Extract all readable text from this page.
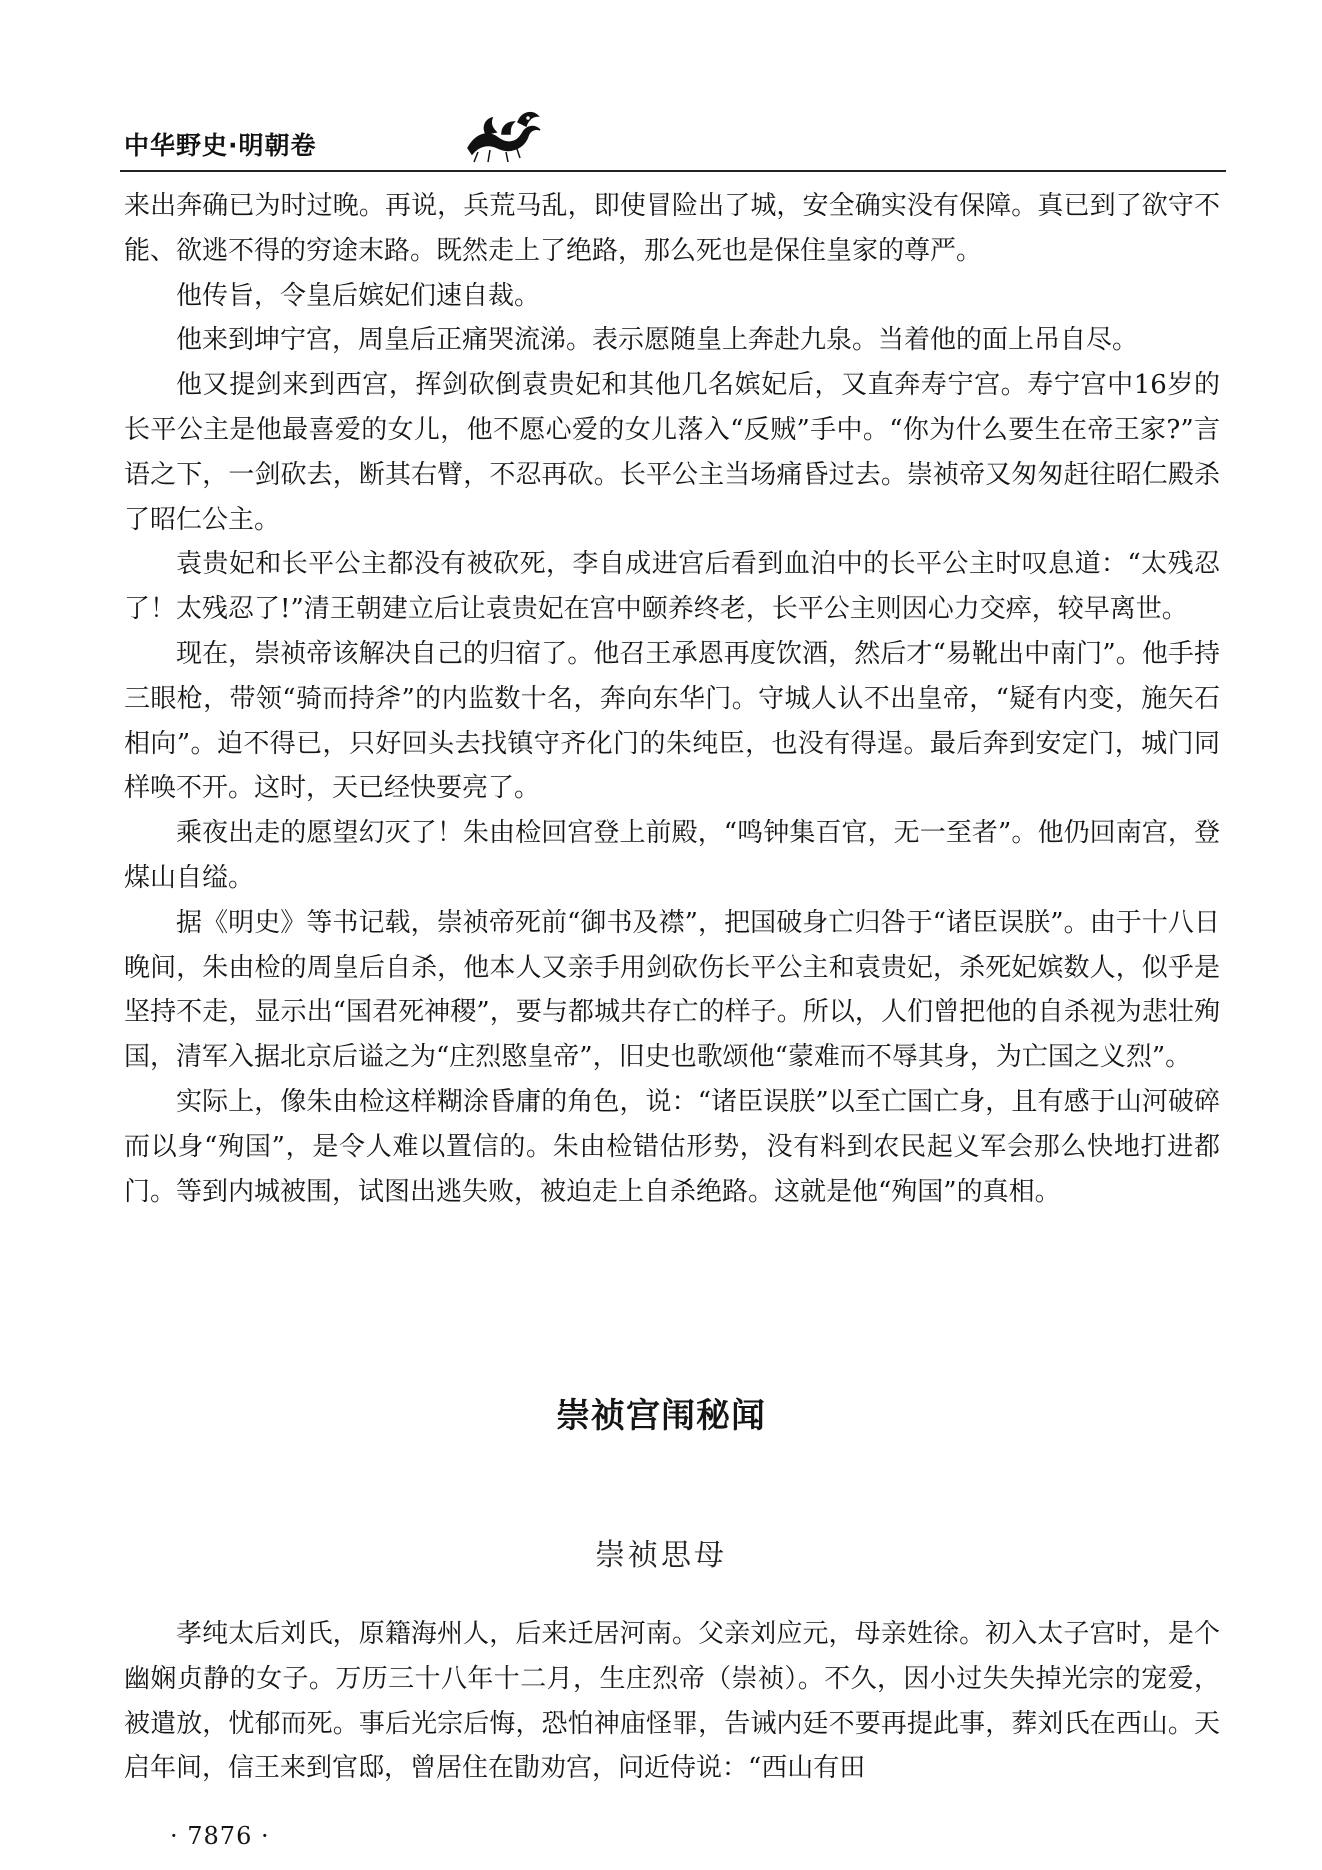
中华野史·明朝卷

来出奔确已为时过晚。再说，兵荒马乱，即使冒险出了城，安全确实没有保障。真已到了欲守不能、欲逃不得的穷途末路。既然走上了绝路，那么死也是保住皇家的尊严。

他传旨，令皇后嫔妃们速自裁。

他来到坤宁宫，周皇后正痛哭流涕。表示愿随皇上奔赴九泉。当着他的面上吊自尽。

他又提剑来到西宫，挥剑砍倒袁贵妃和其他几名嫔妃后，又直奔寿宁宫。寿宁宫中16岁的长平公主是他最喜爱的女儿，他不愿心爱的女儿落入“反贼”手中。“你为什么要生在帝王家?”言语之下，一剑砍去，断其右臂，不忍再砍。长平公主当场痛昏过去。崇祯帝又匆匆赶往昭仁殿杀了昭仁公主。

袁贵妃和长平公主都没有被砍死，李自成进宫后看到血泊中的长平公主时叹息道：“太残忍了！太残忍了!”清王朝建立后让袁贵妃在宫中颐养终老，长平公主则因心力交瘁，较早离世。

现在，崇祯帝该解决自己的归宿了。他召王承恩再度饮酒，然后才“易靴出中南门”。他手持三眼枪，带领“骑而持斧”的内监数十名，奔向东华门。守城人认不出皇帝，“疑有内变，施矢石相向”。迫不得已，只好回头去找镇守齐化门的朱纯臣，也没有得逞。最后奔到安定门，城门同样唤不开。这时，天已经快要亮了。

乘夜出走的愿望幻灭了！朱由检回宫登上前殿，“鸣钟集百官，无一至者”。他仍回南宫，登煤山自缢。

据《明史》等书记载，崇祯帝死前“御书及襟”，把国破身亡归咎于“诸臣误朕”。由于十八日晚间，朱由检的周皇后自杀，他本人又亲手用剑砍伤长平公主和袁贵妃，杀死妃嫔数人，似乎是坚持不走，显示出“国君死神稷”，要与都城共存亡的样子。所以，人们曾把他的自杀视为悲壮殉国，清军入据北京后谥之为“庄烈愍皇帝”，旧史也歌颂他“蒙难而不辱其身，为亡国之义烈”。

实际上，像朱由检这样糊涂昏庸的角色，说：“诸臣误朕”以至亡国亡身，且有感于山河破碎而以身“殉国”，是令人难以置信的。朱由检错估形势，没有料到农民起义军会那么快地打进都门。等到内城被围，试图出逃失败，被迫走上自杀绝路。这就是他“殉国”的真相。

崇祯宫闱秘闻
崇祯思母

孝纯太后刘氏，原籍海州人，后来迁居河南。父亲刘应元，母亲姓徐。初入太子宫时，是个幽娴贞静的女子。万历三十八年十二月，生庄烈帝（崇祯）。不久，因小过失失掉光宗的宠爱，被遣放，忧郁而死。事后光宗后悔，恐怕神庙怪罪，告诫内廷不要再提此事，葬刘氏在西山。天启年间，信王来到官邸，曾居住在勖劝宫，问近侍说：“西山有田

· 7876 ·
